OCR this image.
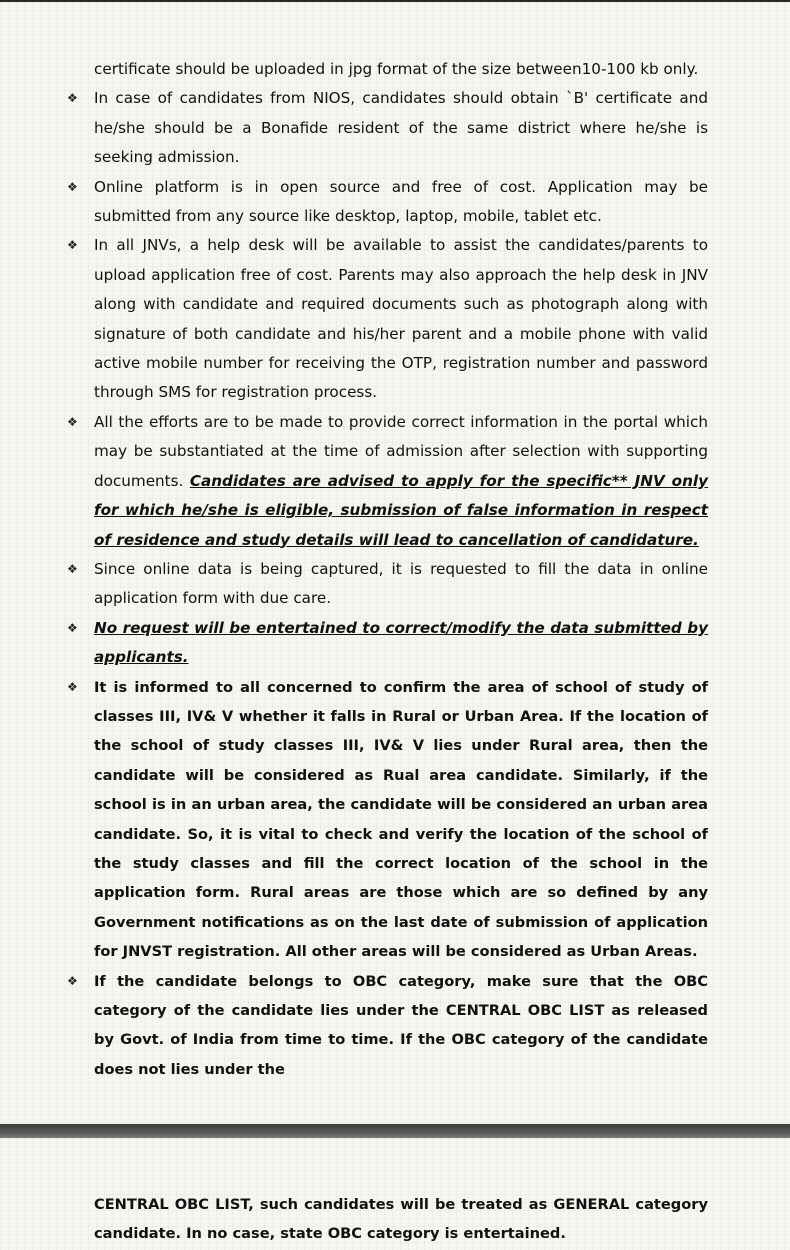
certificate should be uploaded in jpg format of the size between10-100 kb only.

❖ In case of candidates from NIOS, candidates should obtain `B' certificate and he/she should be a Bonafide resident of the same district where he/she is seeking admission.

❖ Online platform is in open source and free of cost. Application may be submitted from any source like desktop, laptop, mobile, tablet etc.

❖ In all JNVs, a help desk will be available to assist the candidates/parents to upload application free of cost. Parents may also approach the help desk in JNV along with candidate and required documents such as photograph along with signature of both candidate and his/her parent and a mobile phone with valid active mobile number for receiving the OTP, registration number and password through SMS for registration process.

❖ All the efforts are to be made to provide correct information in the portal which may be substantiated at the time of admission after selection with supporting documents. Candidates are advised to apply for the specific** JNV only for which he/she is eligible, submission of false information in respect of residence and study details will lead to cancellation of candidature.

❖ Since online data is being captured, it is requested to fill the data in online application form with due care.

❖ No request will be entertained to correct/modify the data submitted by applicants.

❖ It is informed to all concerned to confirm the area of school of study of classes III, IV& V whether it falls in Rural or Urban Area. If the location of the school of study classes III, IV& V lies under Rural area, then the candidate will be considered as Rual area candidate. Similarly, if the school is in an urban area, the candidate will be considered an urban area candidate. So, it is vital to check and verify the location of the school of the study classes and fill the correct location of the school in the application form. Rural areas are those which are so defined by any Government notifications as on the last date of submission of application for JNVST registration. All other areas will be considered as Urban Areas.

❖ If the candidate belongs to OBC category, make sure that the OBC category of the candidate lies under the CENTRAL OBC LIST as released by Govt. of India from time to time. If the OBC category of the candidate does not lies under the

CENTRAL OBC LIST, such candidates will be treated as GENERAL category candidate. In no case, state OBC category is entertained.
